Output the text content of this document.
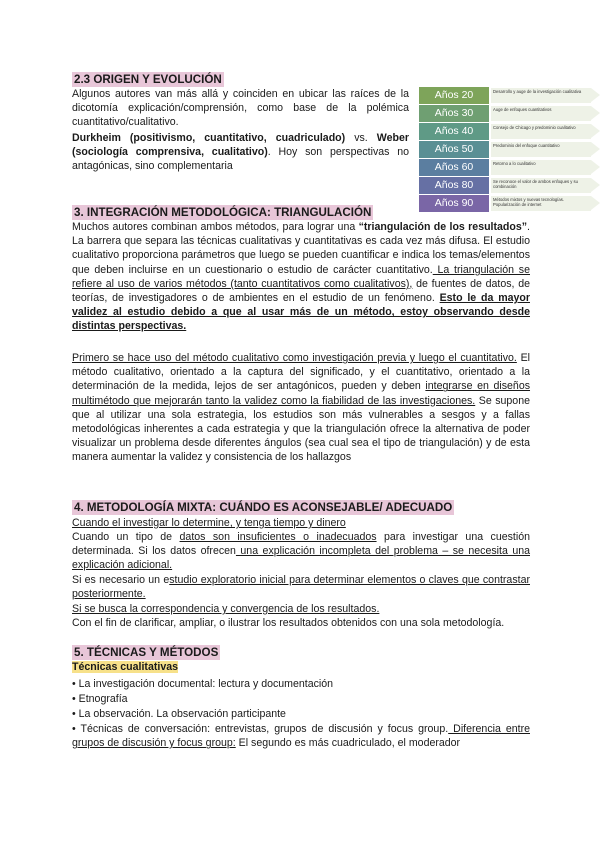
2.3 ORIGEN Y EVOLUCIÓN

Algunos autores van más allá y coinciden en ubicar las raíces de la dicotomía explicación/comprensión, como base de la polémica cuantitativo/cualitativo.

Durkheim (positivismo, cuantitativo, cuadriculado) vs. Weber (sociología comprensiva, cualitativo). Hoy son perspectivas no antagónicas, sino complementaria

Años 20	Desarrollo y auge de la investigación cualitativa
Años 30	Auge de enfoques cuantitativos
Años 40	Consejo de Chicago y predominio cualitativo
Años 50	Predominio del enfoque cuantitativo
Años 60	Retorno a lo cualitativo
Años 80	Se reconoce el valor de ambos enfoques y su combinación
Años 90	Métodos mixtos y nuevas tecnologías. Popularización de internet
3. INTEGRACIÓN METODOLÓGICA: TRIANGULACIÓN

Muchos autores combinan ambos métodos, para lograr una “triangulación de los resultados”. La barrera que separa las técnicas cualitativas y cuantitativas es cada vez más difusa. El estudio cualitativo proporciona parámetros que luego se pueden cuantificar e indica los temas/elementos que deben incluirse en un cuestionario o estudio de carácter cuantitativo. La triangulación se refiere al uso de varios métodos (tanto cuantitativos como cualitativos), de fuentes de datos, de teorías, de investigadores o de ambientes en el estudio de un fenómeno. Esto le da mayor validez al estudio debido a que al usar más de un método, estoy observando desde distintas perspectivas.

Primero se hace uso del método cualitativo como investigación previa y luego el cuantitativo. El método cualitativo, orientado a la captura del significado, y el cuantitativo, orientado a la determinación de la medida, lejos de ser antagónicos, pueden y deben integrarse en diseños multimétodo que mejorarán tanto la validez como la fiabilidad de las investigaciones. Se supone que al utilizar una sola estrategia, los estudios son más vulnerables a sesgos y a fallas metodológicas inherentes a cada estrategia y que la triangulación ofrece la alternativa de poder visualizar un problema desde diferentes ángulos (sea cual sea el tipo de triangulación) y de esta manera aumentar la validez y consistencia de los hallazgos

4. METODOLOGÍA MIXTA: CUÁNDO ES ACONSEJABLE/ ADECUADO

Cuando el investigar lo determine, y tenga tiempo y dinero

Cuando un tipo de datos son insuficientes o inadecuados para investigar una cuestión determinada. Si los datos ofrecen una explicación incompleta del problema – se necesita una explicación adicional.

Si es necesario un estudio exploratorio inicial para determinar elementos o claves que contrastar posteriormente.

Si se busca la correspondencia y convergencia de los resultados.

Con el fin de clarificar, ampliar, o ilustrar los resultados obtenidos con una sola metodología.

5. TÉCNICAS Y MÉTODOS
Técnicas cualitativas

• La investigación documental: lectura y documentación

• Etnografía

• La observación. La observación participante

• Técnicas de conversación: entrevistas, grupos de discusión y focus group. Diferencia entre grupos de discusión y focus group: El segundo es más cuadriculado, el moderador
